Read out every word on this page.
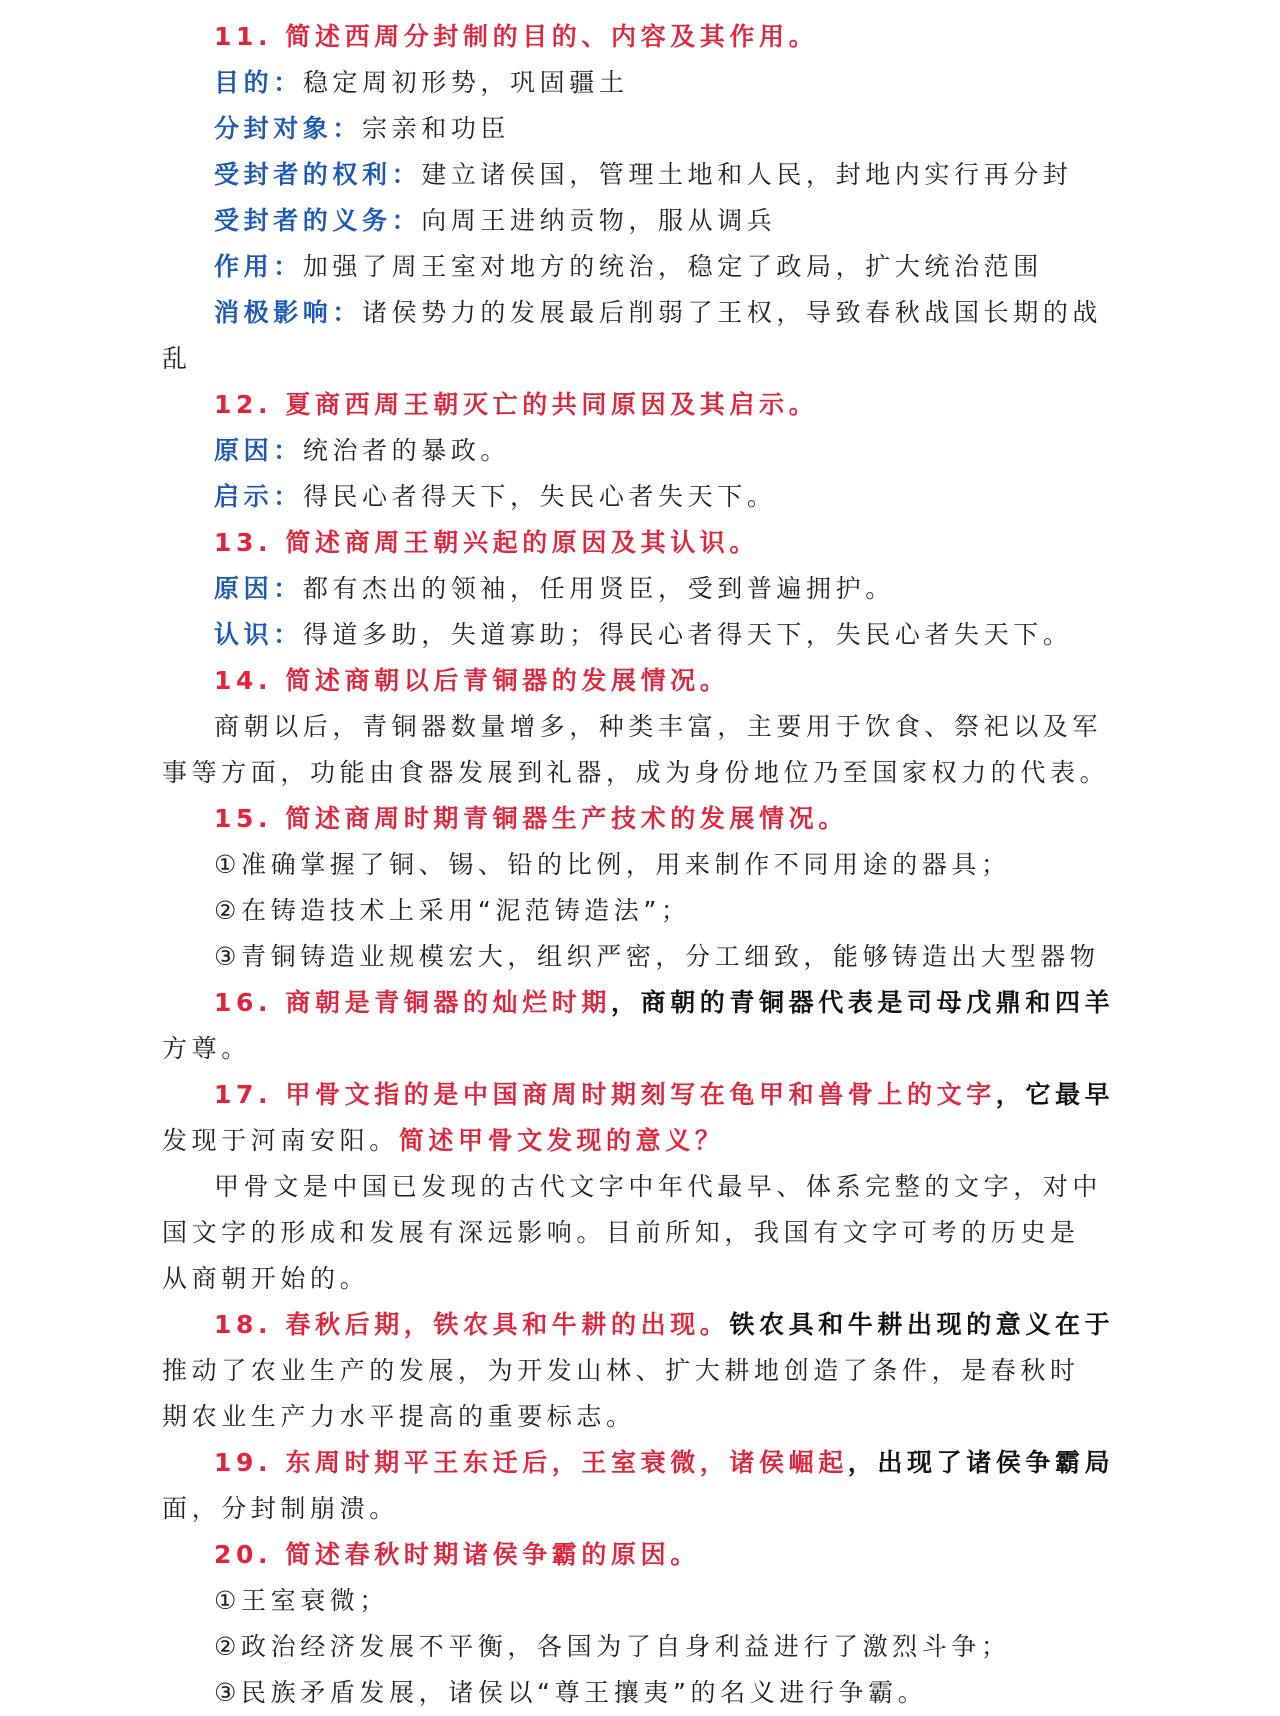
11. 简述西周分封制的目的、内容及其作用。
目的：稳定周初形势，巩固疆土
分封对象：宗亲和功臣
受封者的权利：建立诸侯国，管理土地和人民，封地内实行再分封
受封者的义务：向周王进纳贡物，服从调兵
作用：加强了周王室对地方的统治，稳定了政局，扩大统治范围
消极影响：诸侯势力的发展最后削弱了王权，导致春秋战国长期的战
乱
12. 夏商西周王朝灭亡的共同原因及其启示。
原因：统治者的暴政。
启示：得民心者得天下，失民心者失天下。
13. 简述商周王朝兴起的原因及其认识。
原因：都有杰出的领袖，任用贤臣，受到普遍拥护。
认识：得道多助，失道寡助；得民心者得天下，失民心者失天下。
14. 简述商朝以后青铜器的发展情况。
商朝以后，青铜器数量增多，种类丰富，主要用于饮食、祭祀以及军
事等方面，功能由食器发展到礼器，成为身份地位乃至国家权力的代表。
15. 简述商周时期青铜器生产技术的发展情况。
①准确掌握了铜、锡、铅的比例，用来制作不同用途的器具；
②在铸造技术上采用“泥范铸造法”；
③青铜铸造业规模宏大，组织严密，分工细致，能够铸造出大型器物
16. 商朝是青铜器的灿烂时期，商朝的青铜器代表是司母戊鼎和四羊
方尊。
17. 甲骨文指的是中国商周时期刻写在龟甲和兽骨上的文字，它最早
发现于河南安阳。简述甲骨文发现的意义？
甲骨文是中国已发现的古代文字中年代最早、体系完整的文字，对中
国文字的形成和发展有深远影响。目前所知，我国有文字可考的历史是
从商朝开始的。
18. 春秋后期，铁农具和牛耕的出现。铁农具和牛耕出现的意义在于
推动了农业生产的发展，为开发山林、扩大耕地创造了条件，是春秋时
期农业生产力水平提高的重要标志。
19. 东周时期平王东迁后，王室衰微，诸侯崛起，出现了诸侯争霸局
面，分封制崩溃。
20. 简述春秋时期诸侯争霸的原因。
①王室衰微；
②政治经济发展不平衡，各国为了自身利益进行了激烈斗争；
③民族矛盾发展，诸侯以“尊王攘夷”的名义进行争霸。
